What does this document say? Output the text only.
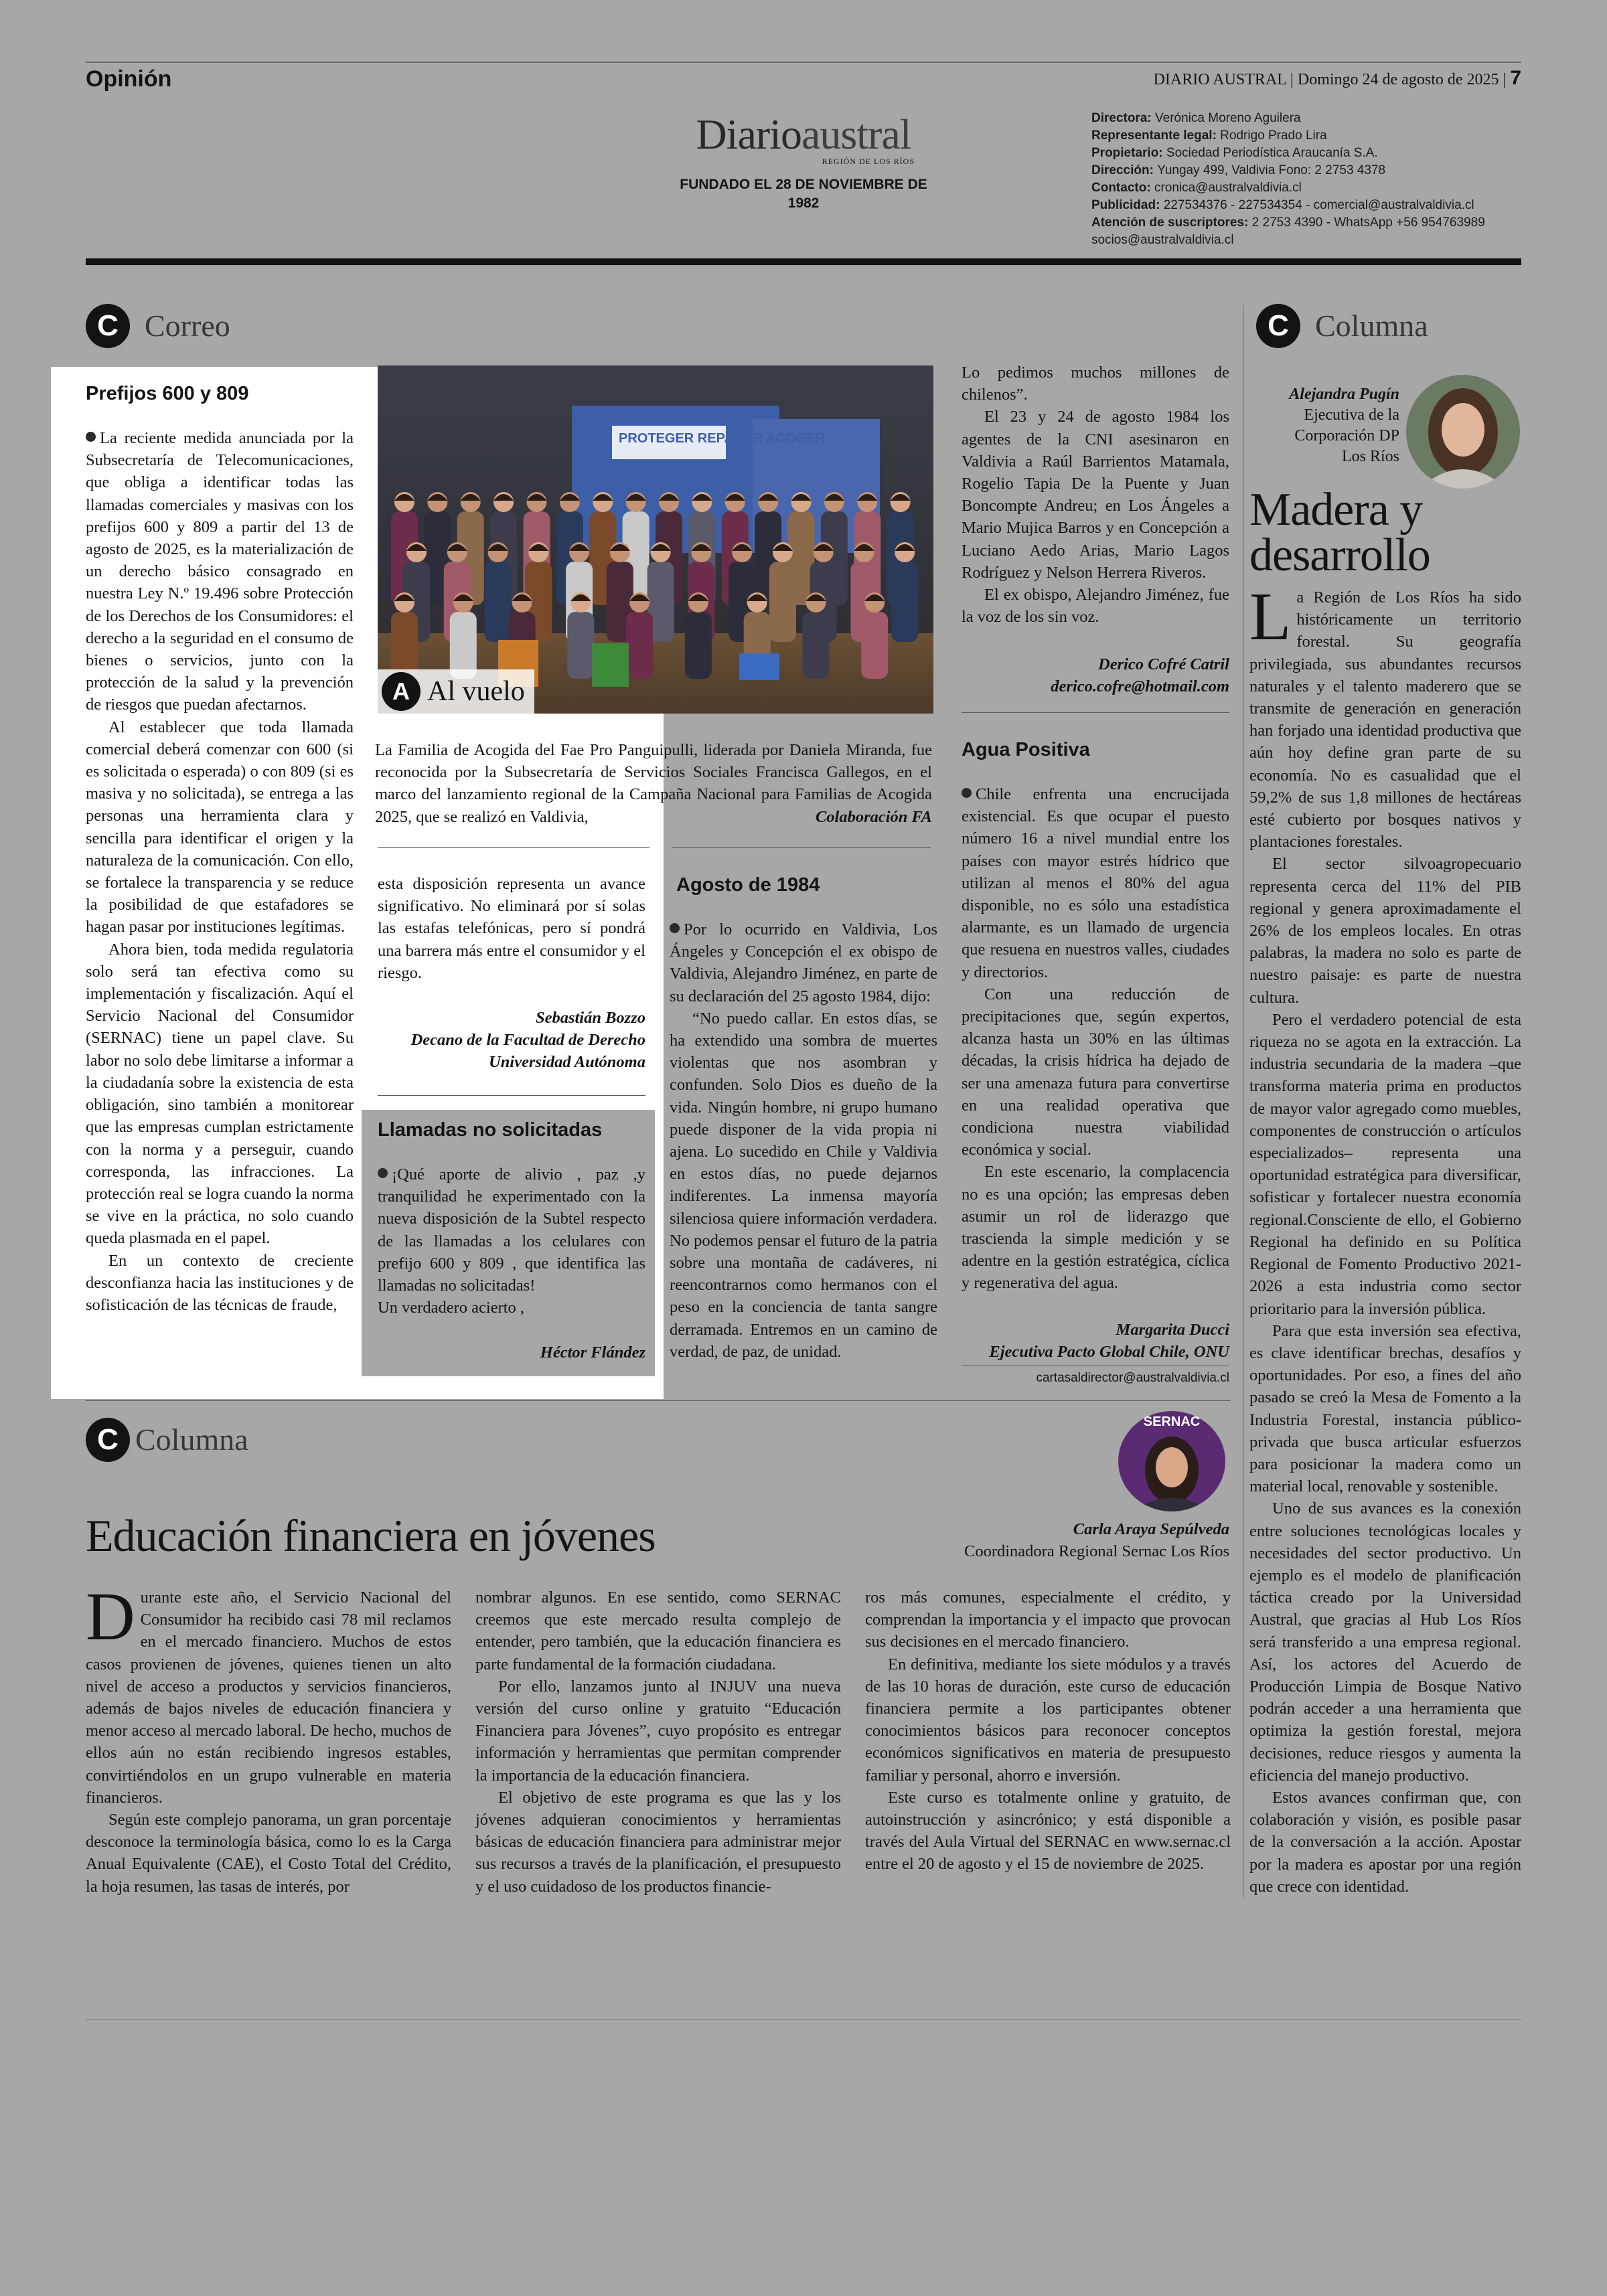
Opinión	DIARIO AUSTRAL | Domingo 24 de agosto de 2025 | 7
Diarioaustral
REGIÓN DE LOS RÍOS
FUNDADO EL 28 DE NOVIEMBRE DE 1982
Directora: Verónica Moreno Aguilera
Representante legal: Rodrigo Prado Lira
Propietario: Sociedad Periodística Araucanía S.A.
Dirección: Yungay 499, Valdivia Fono: 2 2753 4378
Contacto: cronica@australvaldivia.cl
Publicidad: 227534376 - 227534354 - comercial@australvaldivia.cl
Atención de suscriptores: 2 2753 4390 - WhatsApp +56 954763989
socios@australvaldivia.cl
C Correo
Prefijos 600 y 809

La reciente medida anunciada por la Subsecretaría de Telecomunicaciones, que obliga a identificar todas las llamadas comerciales y masivas con los prefijos 600 y 809 a partir del 13 de agosto de 2025, es la materialización de un derecho básico consagrado en nuestra Ley N.º 19.496 sobre Protección de los Derechos de los Consumidores: el derecho a la seguridad en el consumo de bienes o servicios, junto con la protección de la salud y la prevención de riesgos que puedan afectarnos.

Al establecer que toda llamada comercial deberá comenzar con 600 (si es solicitada o esperada) o con 809 (si es masiva y no solicitada), se entrega a las personas una herramienta clara y sencilla para identificar el origen y la naturaleza de la comunicación. Con ello, se fortalece la transparencia y se reduce la posibilidad de que estafadores se hagan pasar por instituciones legítimas.

Ahora bien, toda medida regulatoria solo será tan efectiva como su implementación y fiscalización. Aquí el Servicio Nacional del Consumidor (SERNAC) tiene un papel clave. Su labor no solo debe limitarse a informar a la ciudadanía sobre la existencia de esta obligación, sino también a monitorear que las empresas cumplan estrictamente con la norma y a perseguir, cuando corresponda, las infracciones. La protección real se logra cuando la norma se vive en la práctica, no solo cuando queda plasmada en el papel.

En un contexto de creciente desconfianza hacia las instituciones y de sofisticación de las técnicas de fraude,

PROTEGER REPARAR ACOGER
A Al vuelo

La Familia de Acogida del Fae Pro Panguipulli, liderada por Daniela Miranda, fue reconocida por la Subsecretaría de Servicios Sociales Francisca Gallegos, en el marco del lanzamiento regional de la Campaña Nacional para Familias de Acogida 2025, que se realizó en Valdivia,	Colaboración FA

esta disposición representa un avance significativo. No eliminará por sí solas las estafas telefónicas, pero sí pondrá una barrera más entre el consumidor y el riesgo.

Sebastián Bozzo
Decano de la Facultad de Derecho
Universidad Autónoma
Llamadas no solicitadas

¡Qué aporte de alivio , paz ,y tranquilidad he experimentado con la nueva disposición de la Subtel respecto de las llamadas a los celulares con prefijo 600 y 809 , que identifica las llamadas no solicitadas!

Un verdadero acierto ,

Héctor Flández
Agosto de 1984

Por lo ocurrido en Valdivia, Los Ángeles y Concepción el ex obispo de Valdivia, Alejandro Jiménez, en parte de su declaración del 25 agosto 1984, dijo:

“No puedo callar. En estos días, se ha extendido una sombra de muertes violentas que nos asombran y confunden. Solo Dios es dueño de la vida. Ningún hombre, ni grupo humano puede disponer de la vida propia ni ajena. Lo sucedido en Chile y Valdivia en estos días, no puede dejarnos indiferentes. La inmensa mayoría silenciosa quiere información verdadera. No podemos pensar el futuro de la patria sobre una montaña de cadáveres, ni reencontrarnos como hermanos con el peso en la conciencia de tanta sangre derramada. Entremos en un camino de verdad, de paz, de unidad.

Lo pedimos muchos millones de chilenos”.

El 23 y 24 de agosto 1984 los agentes de la CNI asesinaron en Valdivia a Raúl Barrientos Matamala, Rogelio Tapia De la Puente y Juan Boncompte Andreu; en Los Ángeles a Mario Mujica Barros y en Concepción a Luciano Aedo Arias, Mario Lagos Rodríguez y Nelson Herrera Riveros.

El ex obispo, Alejandro Jiménez, fue la voz de los sin voz.

Derico Cofré Catril
derico.cofre@hotmail.com
Agua Positiva

Chile enfrenta una encrucijada existencial. Es que ocupar el puesto número 16 a nivel mundial entre los países con mayor estrés hídrico que utilizan al menos el 80% del agua disponible, no es sólo una estadística alarmante, es un llamado de urgencia que resuena en nuestros valles, ciudades y directorios.

Con una reducción de precipitaciones que, según expertos, alcanza hasta un 30% en las últimas décadas, la crisis hídrica ha dejado de ser una amenaza futura para convertirse en una realidad operativa que condiciona nuestra viabilidad económica y social.

En este escenario, la complacencia no es una opción; las empresas deben asumir un rol de liderazgo que trascienda la simple medición y se adentre en la gestión estratégica, cíclica y regenerativa del agua.

Margarita Ducci
Ejecutiva Pacto Global Chile, ONU
cartasaldirector@australvaldivia.cl
C Columna
Alejandra Pugín
Ejecutiva de la
Corporación DP
Los Ríos
Madera y desarrollo

La Región de Los Ríos ha sido históricamente un territorio forestal. Su geografía privilegiada, sus abundantes recursos naturales y el talento maderero que se transmite de generación en generación han forjado una identidad productiva que aún hoy define gran parte de su economía. No es casualidad que el 59,2% de sus 1,8 millones de hectáreas esté cubierto por bosques nativos y plantaciones forestales.

El sector silvoagropecuario representa cerca del 11% del PIB regional y genera aproximadamente el 26% de los empleos locales. En otras palabras, la madera no solo es parte de nuestro paisaje: es parte de nuestra cultura.

Pero el verdadero potencial de esta riqueza no se agota en la extracción. La industria secundaria de la madera –que transforma materia prima en productos de mayor valor agregado como muebles, componentes de construcción o artículos especializados– representa una oportunidad estratégica para diversificar, sofisticar y fortalecer nuestra economía regional.Consciente de ello, el Gobierno Regional ha definido en su Política Regional de Fomento Productivo 2021-2026 a esta industria como sector prioritario para la inversión pública.

Para que esta inversión sea efectiva, es clave identificar brechas, desafíos y oportunidades. Por eso, a fines del año pasado se creó la Mesa de Fomento a la Industria Forestal, instancia público-privada que busca articular esfuerzos para posicionar la madera como un material local, renovable y sostenible.

Uno de sus avances es la conexión entre soluciones tecnológicas locales y necesidades del sector productivo. Un ejemplo es el modelo de planificación táctica creado por la Universidad Austral, que gracias al Hub Los Ríos será transferido a una empresa regional. Así, los actores del Acuerdo de Producción Limpia de Bosque Nativo podrán acceder a una herramienta que optimiza la gestión forestal, mejora decisiones, reduce riesgos y aumenta la eficiencia del manejo productivo.

Estos avances confirman que, con colaboración y visión, es posible pasar de la conversación a la acción. Apostar por la madera es apostar por una región que crece con identidad.

C Columna
SERNAC
Educación financiera en jóvenes	Carla Araya Sepúlveda
Coordinadora Regional Sernac Los Ríos

Durante este año, el Servicio Nacional del Consumidor ha recibido casi 78 mil reclamos en el mercado financiero. Muchos de estos casos provienen de jóvenes, quienes tienen un alto nivel de acceso a productos y servicios financieros, además de bajos niveles de educación financiera y menor acceso al mercado laboral. De hecho, muchos de ellos aún no están recibiendo ingresos estables, convirtiéndolos en un grupo vulnerable en materia financieros.

Según este complejo panorama, un gran porcentaje desconoce la terminología básica, como lo es la Carga Anual Equivalente (CAE), el Costo Total del Crédito, la hoja resumen, las tasas de interés, por

nombrar algunos. En ese sentido, como SERNAC creemos que este mercado resulta complejo de entender, pero también, que la educación financiera es parte fundamental de la formación ciudadana.

Por ello, lanzamos junto al INJUV una nueva versión del curso online y gratuito “Educación Financiera para Jóvenes”, cuyo propósito es entregar información y herramientas que permitan comprender la importancia de la educación financiera.

El objetivo de este programa es que las y los jóvenes adquieran conocimientos y herramientas básicas de educación financiera para administrar mejor sus recursos a través de la planificación, el presupuesto y el uso cuidadoso de los productos financie-

ros más comunes, especialmente el crédito, y comprendan la importancia y el impacto que provocan sus decisiones en el mercado financiero.

En definitiva, mediante los siete módulos y a través de las 10 horas de duración, este curso de educación financiera permite a los participantes obtener conocimientos básicos para reconocer conceptos económicos significativos en materia de presupuesto familiar y personal, ahorro e inversión.

Este curso es totalmente online y gratuito, de autoinstrucción y asincrónico; y está disponible a través del Aula Virtual del SERNAC en www.sernac.cl entre el 20 de agosto y el 15 de noviembre de 2025.
